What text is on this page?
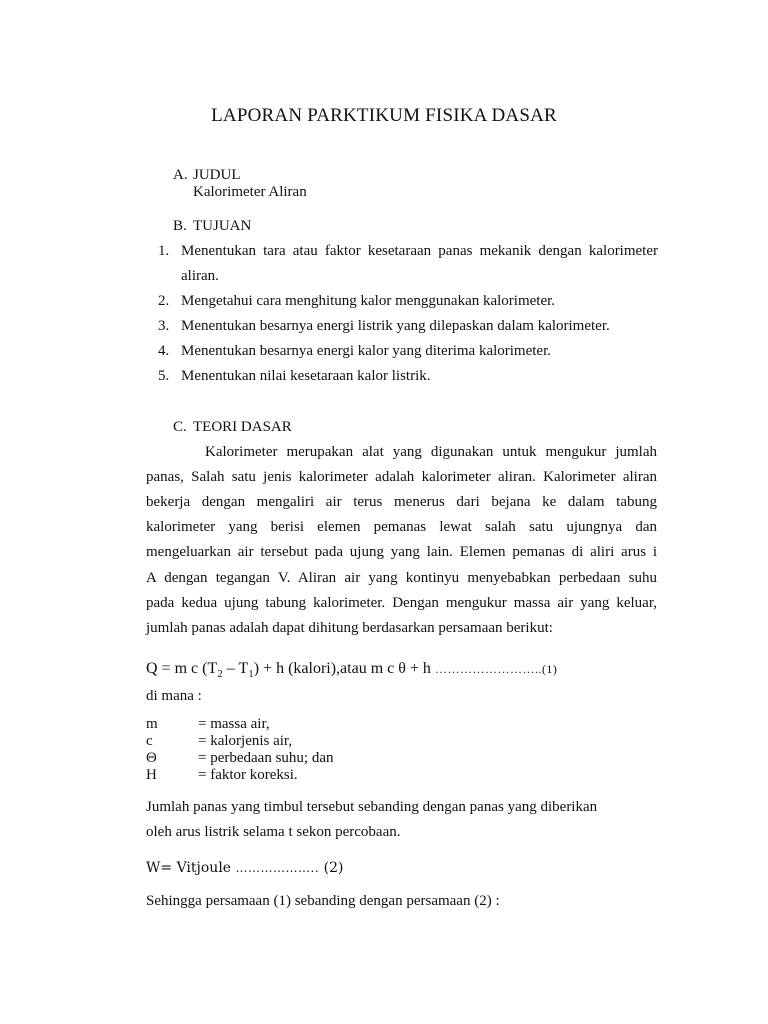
LAPORAN PARKTIKUM FISIKA DASAR
A. JUDUL
Kalorimeter Aliran
B. TUJUAN
1. Menentukan tara atau faktor kesetaraan panas mekanik dengan kalorimeter
aliran.
2. Mengetahui cara menghitung kalor menggunakan kalorimeter.
3. Menentukan besarnya energi listrik yang dilepaskan dalam kalorimeter.
4. Menentukan besarnya energi kalor yang diterima kalorimeter.
5. Menentukan nilai kesetaraan kalor listrik.
C. TEORI DASAR
Kalorimeter merupakan alat yang digunakan untuk mengukur jumlah
panas, Salah satu jenis kalorimeter adalah kalorimeter aliran. Kalorimeter aliran
bekerja dengan mengaliri air terus menerus dari bejana ke dalam tabung
kalorimeter yang berisi elemen pemanas lewat salah satu ujungnya dan
mengeluarkan air tersebut pada ujung yang lain. Elemen pemanas di aliri arus i
A dengan tegangan V. Aliran air yang kontinyu menyebabkan perbedaan suhu
pada kedua ujung tabung kalorimeter. Dengan mengukur massa air yang keluar,
jumlah panas adalah dapat dihitung berdasarkan persamaan berikut:
Q = m c $(T_2 - T_1) + h$ (kalori),atau m c θ + h ……………………..(1)
di mana :
m	= massa air,
c	= kalorjenis air,
Θ	= perbedaan suhu; dan
H	= faktor koreksi.
Jumlah panas yang timbul tersebut sebanding dengan panas yang diberikan
oleh arus listrik selama t sekon percobaan.
W= Vitjoule ……………….. (2)
Sehingga persamaan (1) sebanding dengan persamaan (2) :
